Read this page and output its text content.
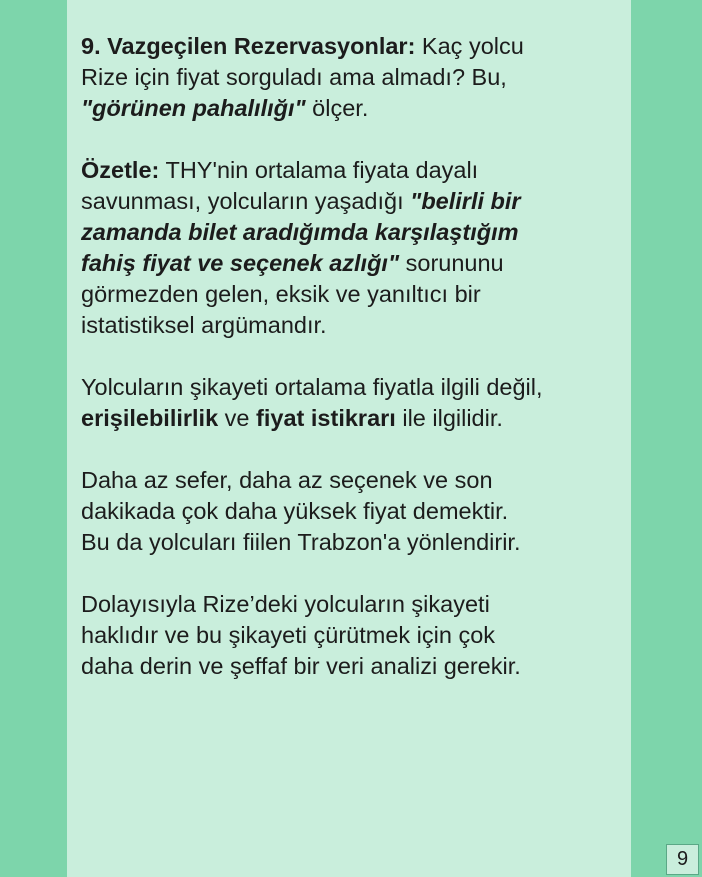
9. Vazgeçilen Rezervasyonlar: Kaç yolcu
Rize için fiyat sorguladı ama almadı? Bu,
"görünen pahalılığı" ölçer.

Özetle: THY'nin ortalama fiyata dayalı
savunması, yolcuların yaşadığı "belirli bir
zamanda bilet aradığımda karşılaştığım
fahiş fiyat ve seçenek azlığı" sorununu
görmezden gelen, eksik ve yanıltıcı bir
istatistiksel argümandır.

Yolcuların şikayeti ortalama fiyatla ilgili değil,
erişilebilirlik ve fiyat istikrarı ile ilgilidir.

Daha az sefer, daha az seçenek ve son
dakikada çok daha yüksek fiyat demektir.
Bu da yolcuları fiilen Trabzon'a yönlendirir.

Dolayısıyla Rize’deki yolcuların şikayeti
haklıdır ve bu şikayeti çürütmek için çok
daha derin ve şeffaf bir veri analizi gerekir.

9
